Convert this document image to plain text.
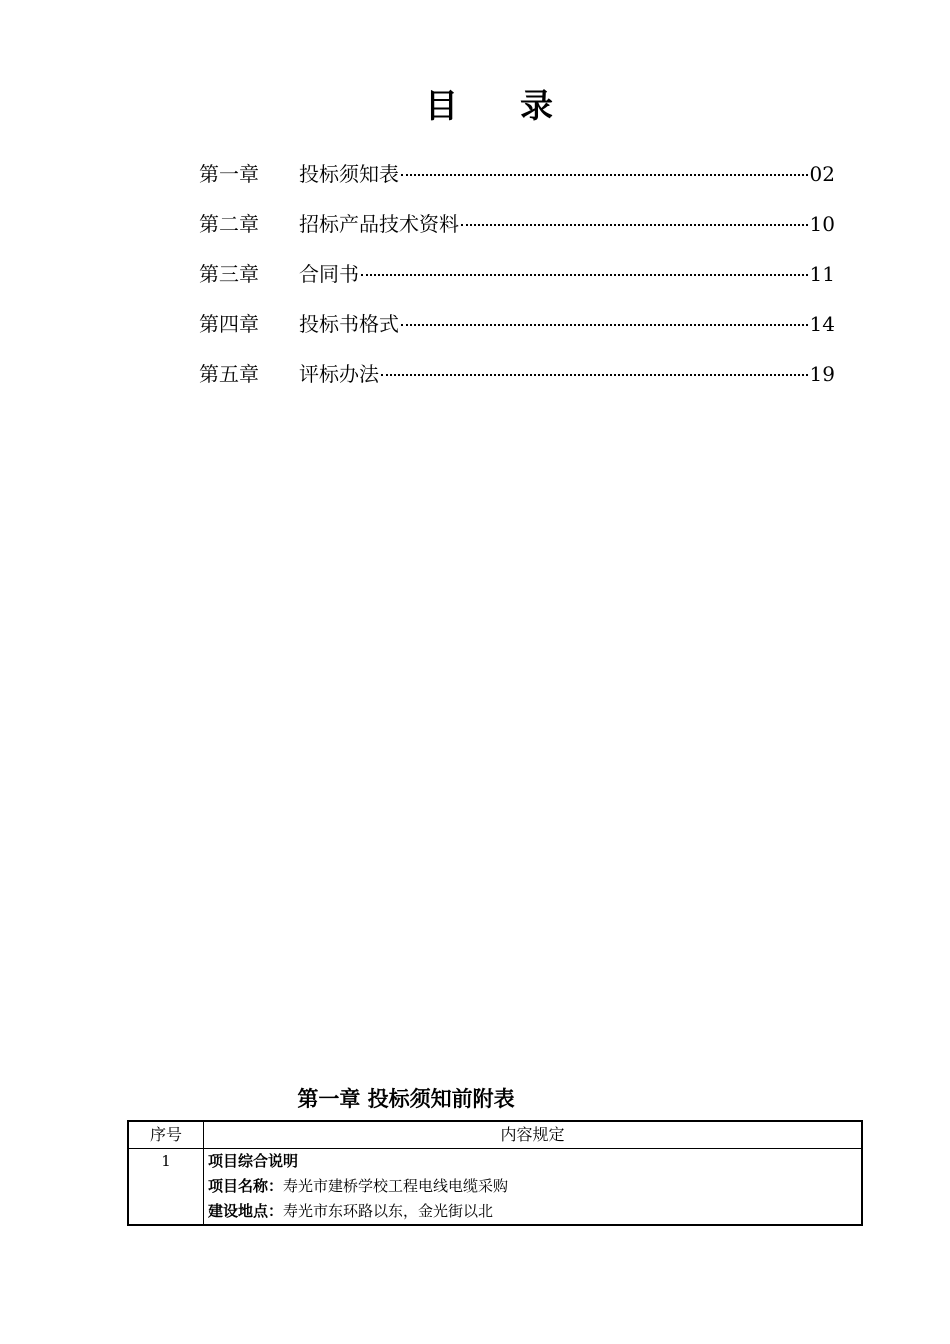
目 录
第一章	投标须知表	02
第二章	招标产品技术资料	10
第三章	合同书	11
第四章	投标书格式	14
第五章	评标办法	19
第一章 投标须知前附表
序号	内容规定
1	项目综合说明
项目名称：寿光市建桥学校工程电线电缆采购
建设地点：寿光市东环路以东，金光街以北
